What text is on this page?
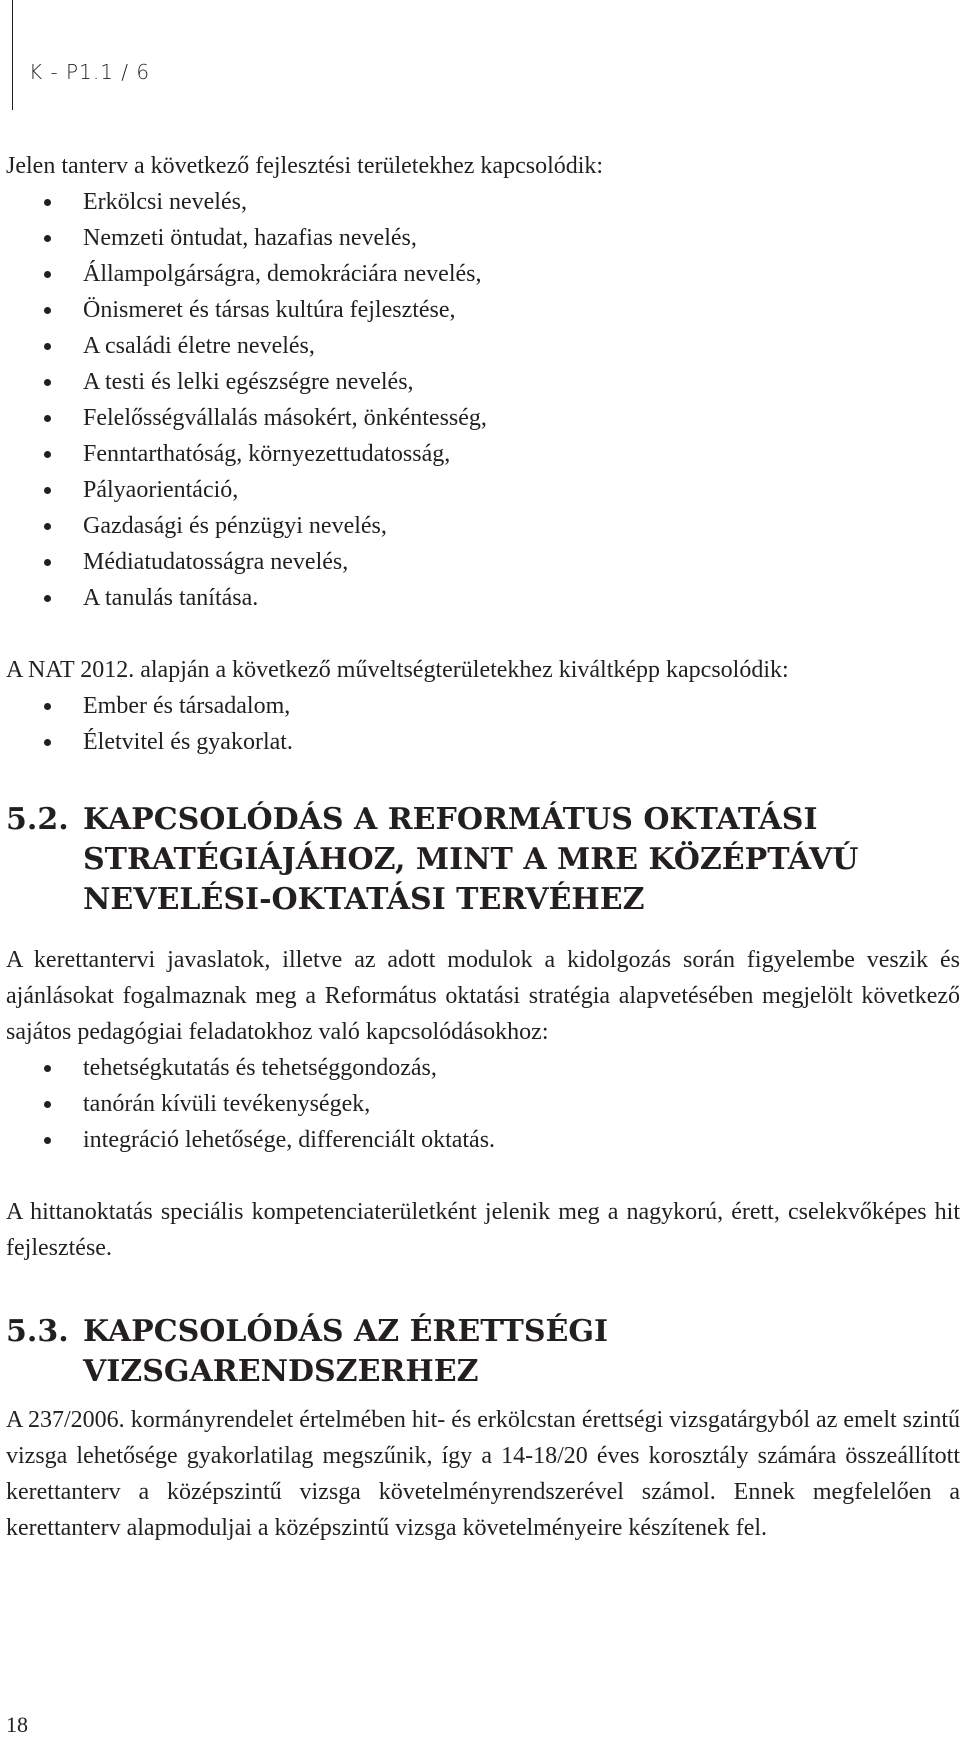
K - P1.1 / 6

Jelen tanterv a következő fejlesztési területekhez kapcsolódik:

Erkölcsi nevelés,
Nemzeti öntudat, hazafias nevelés,
Állampolgárságra, demokráciára nevelés,
Önismeret és társas kultúra fejlesztése,
A családi életre nevelés,
A testi és lelki egészségre nevelés,
Felelősségvállalás másokért, önkéntesség,
Fenntarthatóság, környezettudatosság,
Pályaorientáció,
Gazdasági és pénzügyi nevelés,
Médiatudatosságra nevelés,
A tanulás tanítása.

A NAT 2012. alapján a következő műveltségterületekhez kiváltképp kapcsolódik:

Ember és társadalom,
Életvitel és gyakorlat.
5.2. KAPCSOLÓDÁS A REFORMÁTUS OKTATÁSI STRATÉGIÁJÁHOZ, MINT A MRE KÖZÉPTÁVÚ NEVELÉSI-OKTATÁSI TERVÉHEZ

A kerettantervi javaslatok, illetve az adott modulok a kidolgozás során figyelembe veszik és ajánlásokat fogalmaznak meg a Református oktatási stratégia alapvetésében megjelölt következő sajátos pedagógiai feladatokhoz való kapcsolódásokhoz:

tehetségkutatás és tehetséggondozás,
tanórán kívüli tevékenységek,
integráció lehetősége, differenciált oktatás.

A hittanoktatás speciális kompetenciaterületként jelenik meg a nagykorú, érett, cselekvőképes hit fejlesztése.

5.3. KAPCSOLÓDÁS AZ ÉRETTSÉGI VIZSGARENDSZERHEZ

A 237/2006. kormányrendelet értelmében hit- és erkölcstan érettségi vizsgatárgyból az emelt szintű vizsga lehetősége gyakorlatilag megszűnik, így a 14-18/20 éves korosztály számára összeállított kerettanterv a középszintű vizsga követelményrendszerével számol. Ennek megfelelően a kerettanterv alapmoduljai a középszintű vizsga követelményeire készítenek fel.

18
